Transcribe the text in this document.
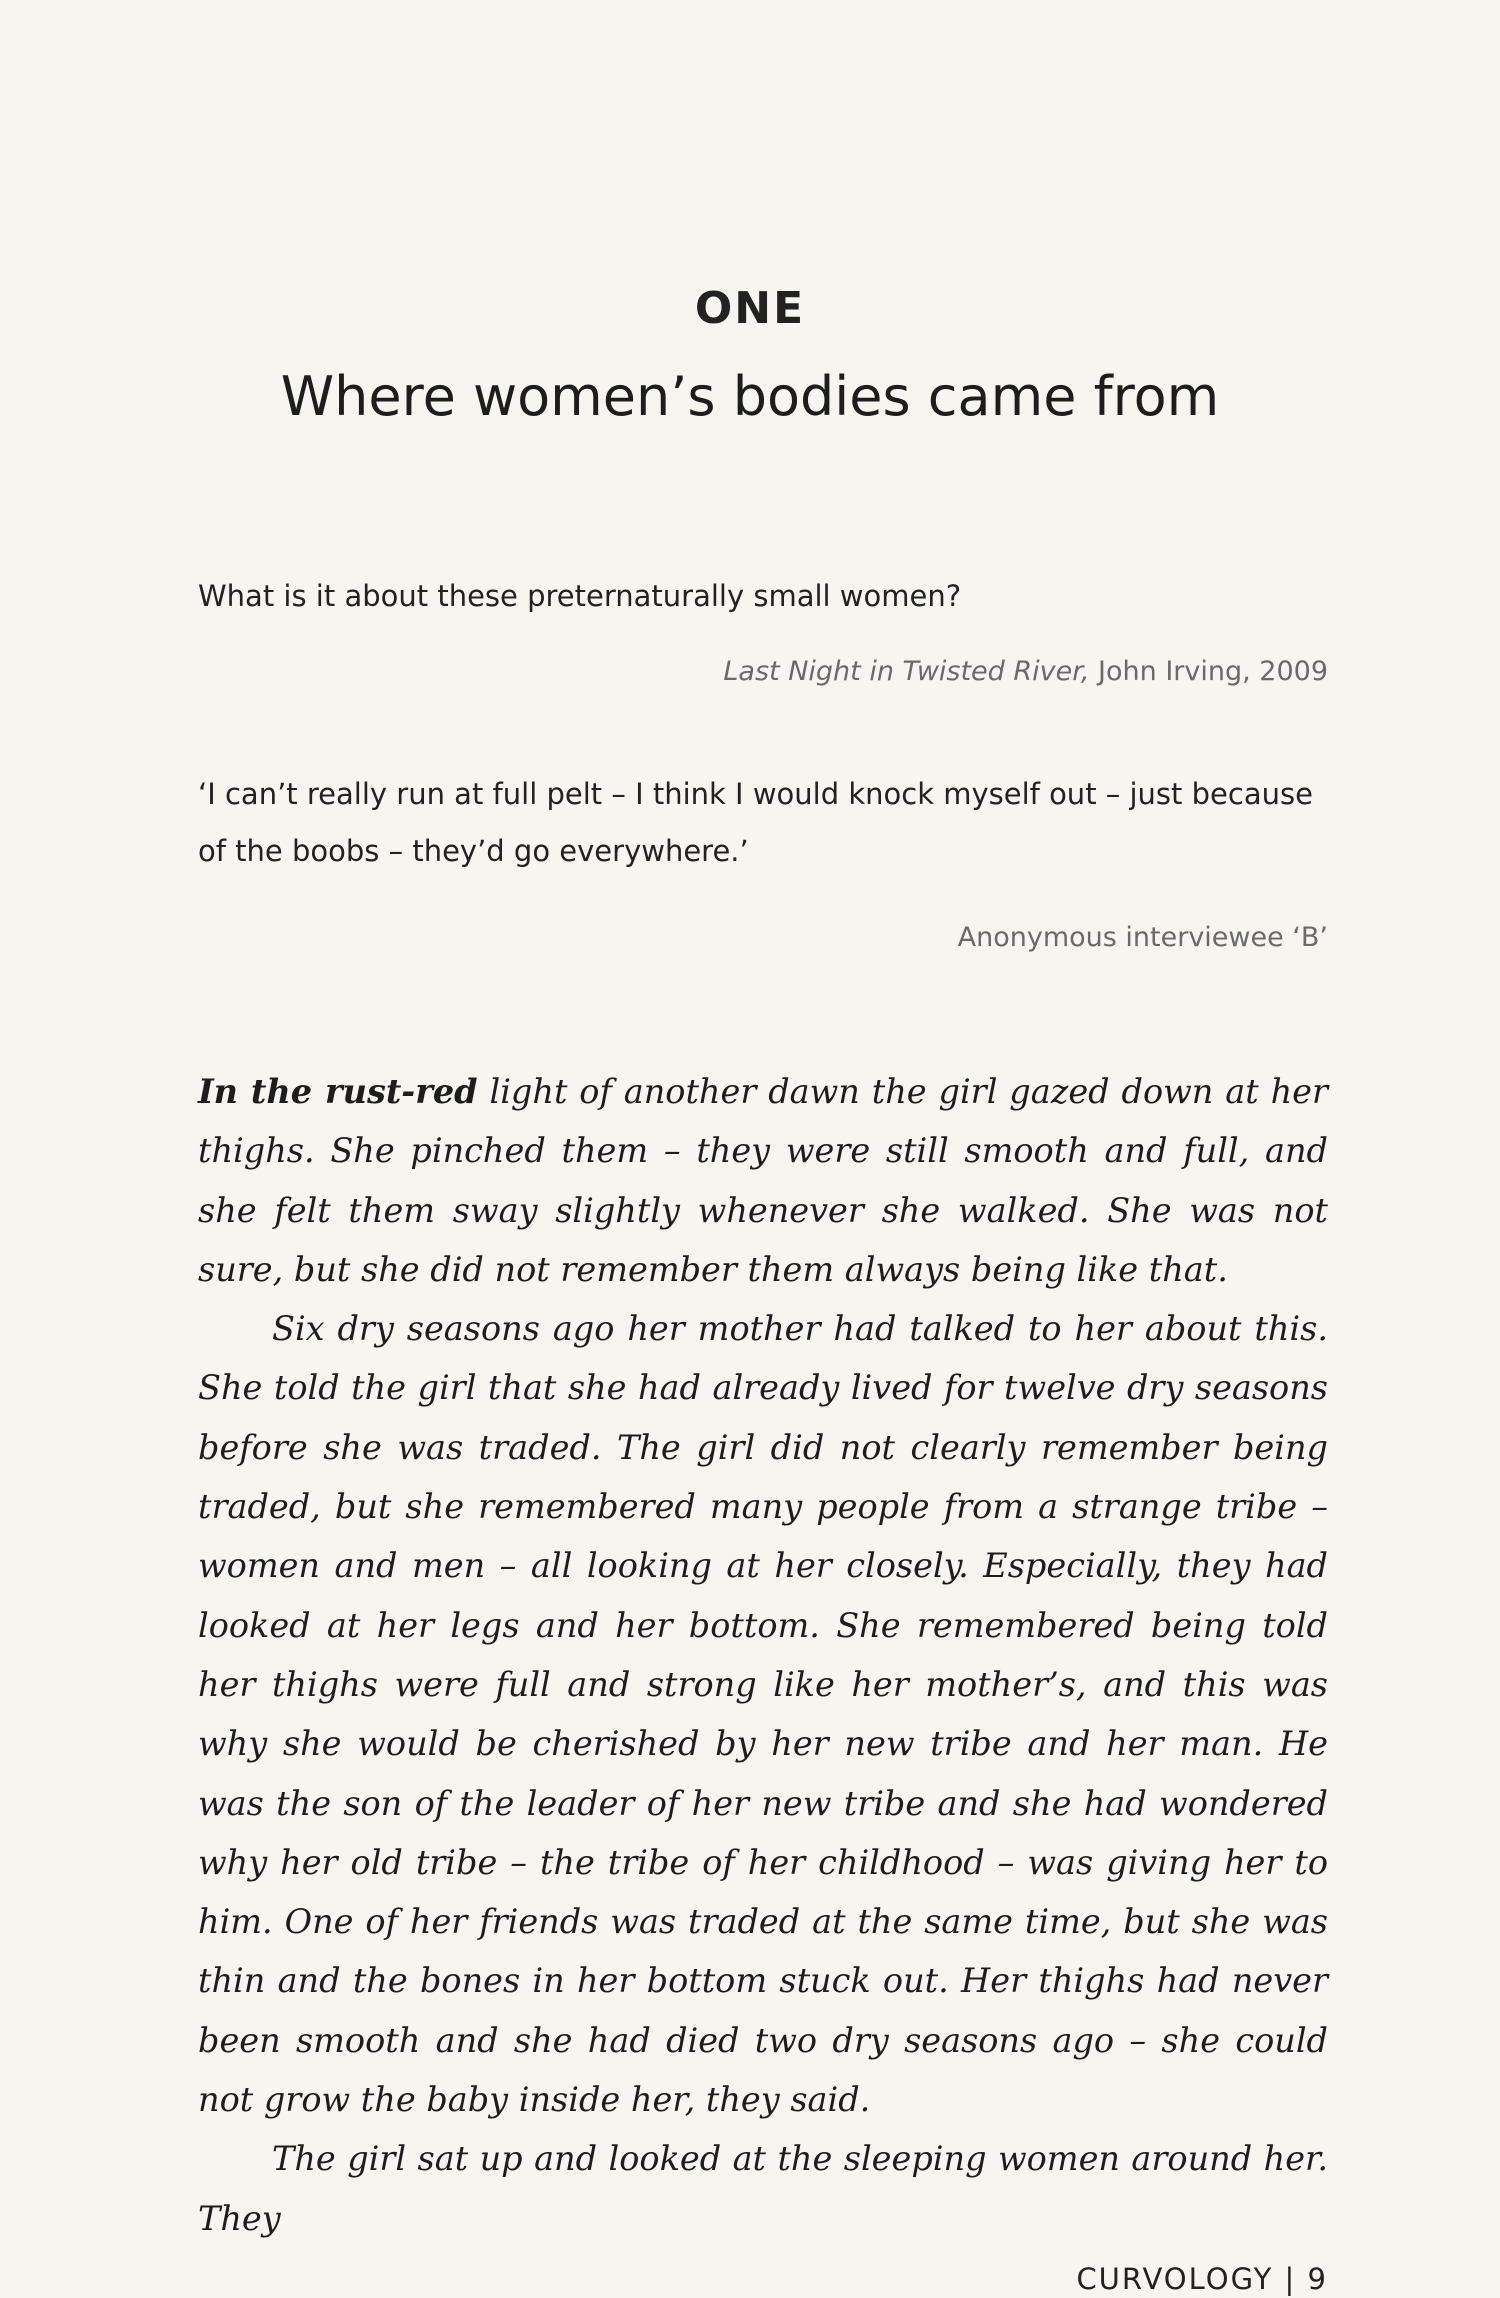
ONE
Where women’s bodies came from
What is it about these preternaturally small women?
Last Night in Twisted River, John Irving, 2009
‘I can’t really run at full pelt – I think I would knock myself out – just because of the boobs – they’d go everywhere.’
Anonymous interviewee ‘B’

In the rust-red light of another dawn the girl gazed down at her thighs. She pinched them – they were still smooth and full, and she felt them sway slightly whenever she walked. She was not sure, but she did not remember them always being like that.

Six dry seasons ago her mother had talked to her about this. She told the girl that she had already lived for twelve dry seasons before she was traded. The girl did not clearly remember being traded, but she remembered many people from a strange tribe – women and men – all looking at her closely. Especially, they had looked at her legs and her bottom. She remembered being told her thighs were full and strong like her mother’s, and this was why she would be cherished by her new tribe and her man. He was the son of the leader of her new tribe and she had wondered why her old tribe – the tribe of her childhood – was giving her to him. One of her friends was traded at the same time, but she was thin and the bones in her bottom stuck out. Her thighs had never been smooth and she had died two dry seasons ago – she could not grow the baby inside her, they said.

The girl sat up and looked at the sleeping women around her. They

CURVOLOGY | 9
